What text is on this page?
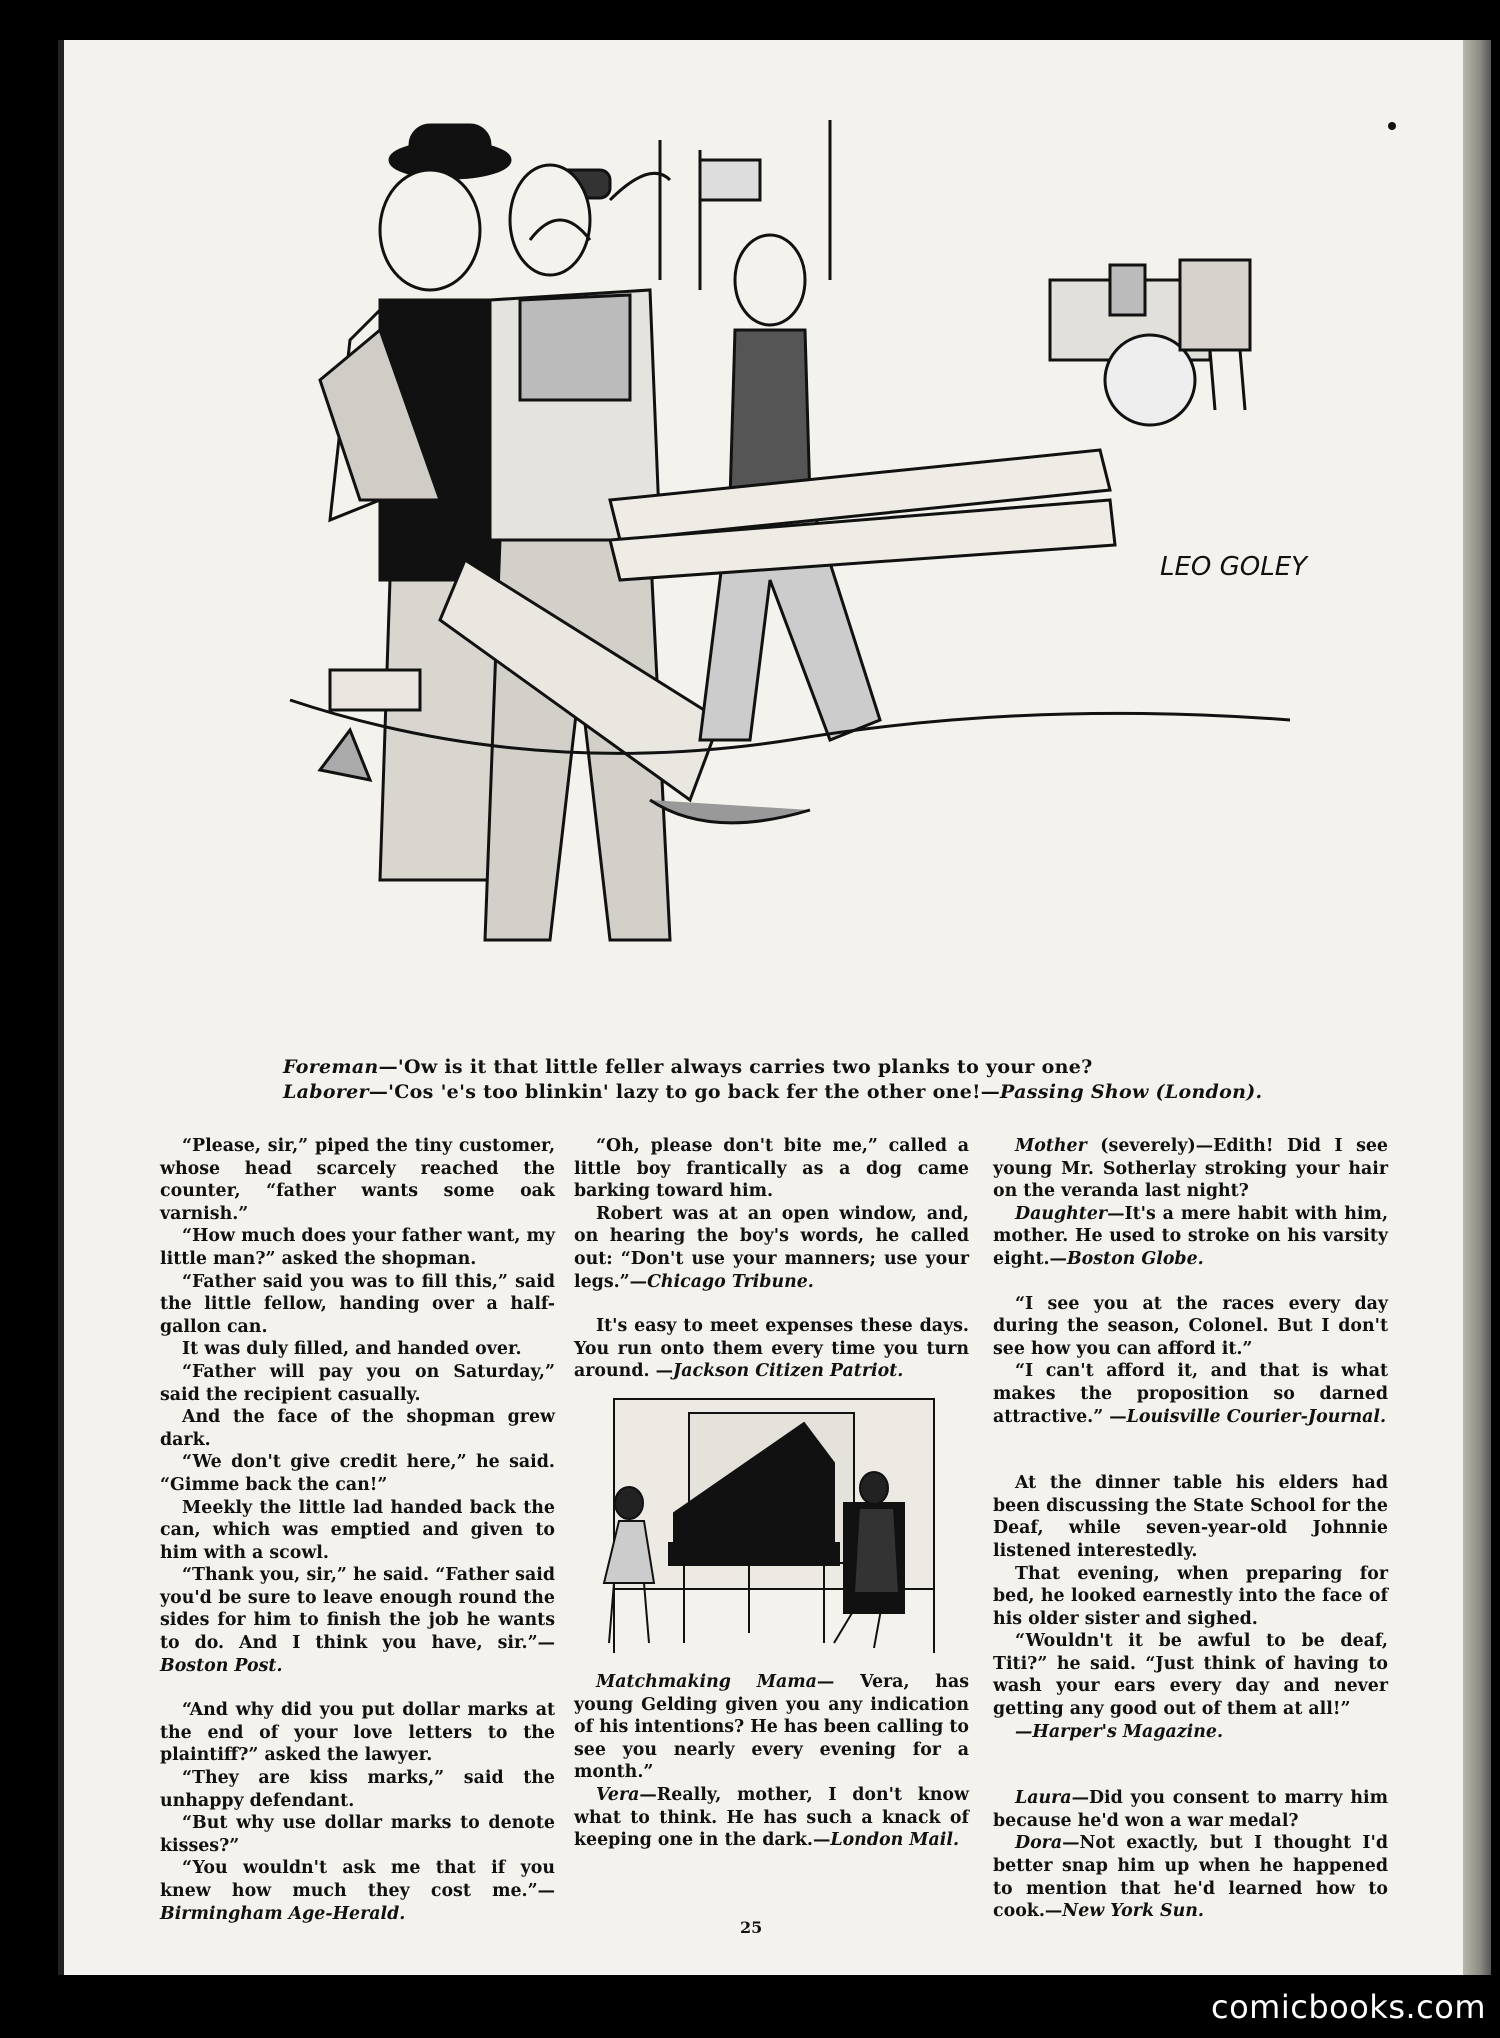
LEO GOLEY

Foreman—'Ow is it that little feller always carries two planks to your one?

Laborer—'Cos 'e's too blinkin' lazy to go back fer the other one!—Passing Show (London).

“Please, sir,” piped the tiny customer, whose head scarcely reached the counter, “father wants some oak varnish.”

“How much does your father want, my little man?” asked the shopman.

“Father said you was to fill this,” said the little fellow, handing over a half-gallon can.

It was duly filled, and handed over.

“Father will pay you on Saturday,” said the recipient casually.

And the face of the shopman grew dark.

“We don't give credit here,” he said. “Gimme back the can!”

Meekly the little lad handed back the can, which was emptied and given to him with a scowl.

“Thank you, sir,” he said. “Father said you'd be sure to leave enough round the sides for him to finish the job he wants to do. And I think you have, sir.”—Boston Post.

“And why did you put dollar marks at the end of your love letters to the plaintiff?” asked the lawyer.

“They are kiss marks,” said the unhappy defendant.

“But why use dollar marks to denote kisses?”

“You wouldn't ask me that if you knew how much they cost me.”—Birmingham Age-Herald.

“Oh, please don't bite me,” called a little boy frantically as a dog came barking toward him.

Robert was at an open window, and, on hearing the boy's words, he called out: “Don't use your manners; use your legs.”—Chicago Tribune.

It's easy to meet expenses these days. You run onto them every time you turn around. —Jackson Citizen Patriot.

Matchmaking Mama— Vera, has young Gelding given you any indication of his intentions? He has been calling to see you nearly every evening for a month.”

Vera—Really, mother, I don't know what to think. He has such a knack of keeping one in the dark.—London Mail.

Mother (severely)—Edith! Did I see young Mr. Sotherlay stroking your hair on the veranda last night?

Daughter—It's a mere habit with him, mother. He used to stroke on his varsity eight.—Boston Globe.

“I see you at the races every day during the season, Colonel. But I don't see how you can afford it.”

“I can't afford it, and that is what makes the proposition so darned attractive.” —Louisville Courier-Journal.

At the dinner table his elders had been discussing the State School for the Deaf, while seven-year-old Johnnie listened interestedly.

That evening, when preparing for bed, he looked earnestly into the face of his older sister and sighed.

“Wouldn't it be awful to be deaf, Titi?” he said. “Just think of having to wash your ears every day and never getting any good out of them at all!”

—Harper's Magazine.

Laura—Did you consent to marry him because he'd won a war medal?

Dora—Not exactly, but I thought I'd better snap him up when he happened to mention that he'd learned how to cook.—New York Sun.

25
comicbooks.com
